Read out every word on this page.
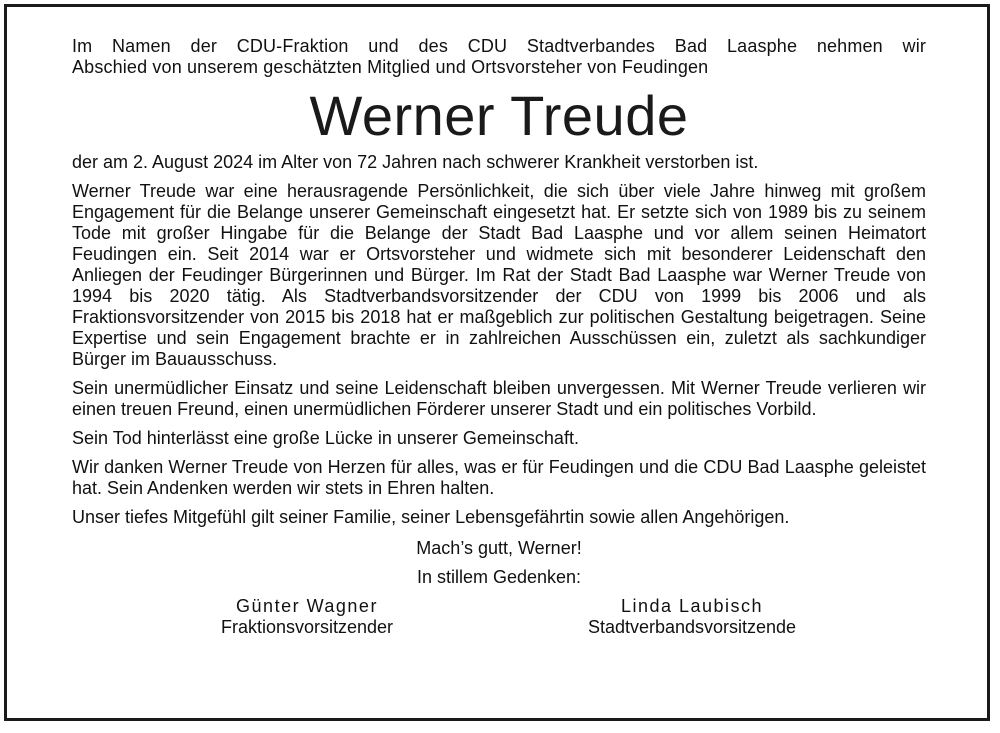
Im Namen der CDU-Fraktion und des CDU Stadtverbandes Bad Laasphe nehmen wir
Abschied von unserem geschätzten Mitglied und Ortsvorsteher von Feudingen

Werner Treude

der am 2. August 2024 im Alter von 72 Jahren nach schwerer Krankheit verstorben ist.

Werner Treude war eine herausragende Persönlichkeit, die sich über viele Jahre hinweg mit großem Engagement für die Belange unserer Gemeinschaft eingesetzt hat. Er setzte sich von 1989 bis zu seinem Tode mit großer Hingabe für die Belange der Stadt Bad Laasphe und vor allem seinen Heimatort Feudingen ein. Seit 2014 war er Ortsvorsteher und widmete sich mit besonderer Leidenschaft den Anliegen der Feudinger Bürgerinnen und Bürger. Im Rat der Stadt Bad Laasphe war Werner Treude von 1994 bis 2020 tätig. Als Stadtverbandsvorsitzender der CDU von 1999 bis 2006 und als Fraktionsvorsitzender von 2015 bis 2018 hat er maßgeblich zur politischen Gestaltung beigetragen. Seine Expertise und sein Engagement brachte er in zahlreichen Ausschüssen ein, zuletzt als sachkundiger Bürger im Bauausschuss.

Sein unermüdlicher Einsatz und seine Leidenschaft bleiben unvergessen. Mit Werner Treude verlieren wir einen treuen Freund, einen unermüdlichen Förderer unserer Stadt und ein politisches Vorbild.

Sein Tod hinterlässt eine große Lücke in unserer Gemeinschaft.

Wir danken Werner Treude von Herzen für alles, was er für Feudingen und die CDU Bad Laasphe geleistet hat. Sein Andenken werden wir stets in Ehren halten.

Unser tiefes Mitgefühl gilt seiner Familie, seiner Lebensgefährtin sowie allen Angehörigen.

Mach’s gutt, Werner!
In stillem Gedenken:
Günter Wagner
Fraktionsvorsitzender
Linda Laubisch
Stadtverbandsvorsitzende
